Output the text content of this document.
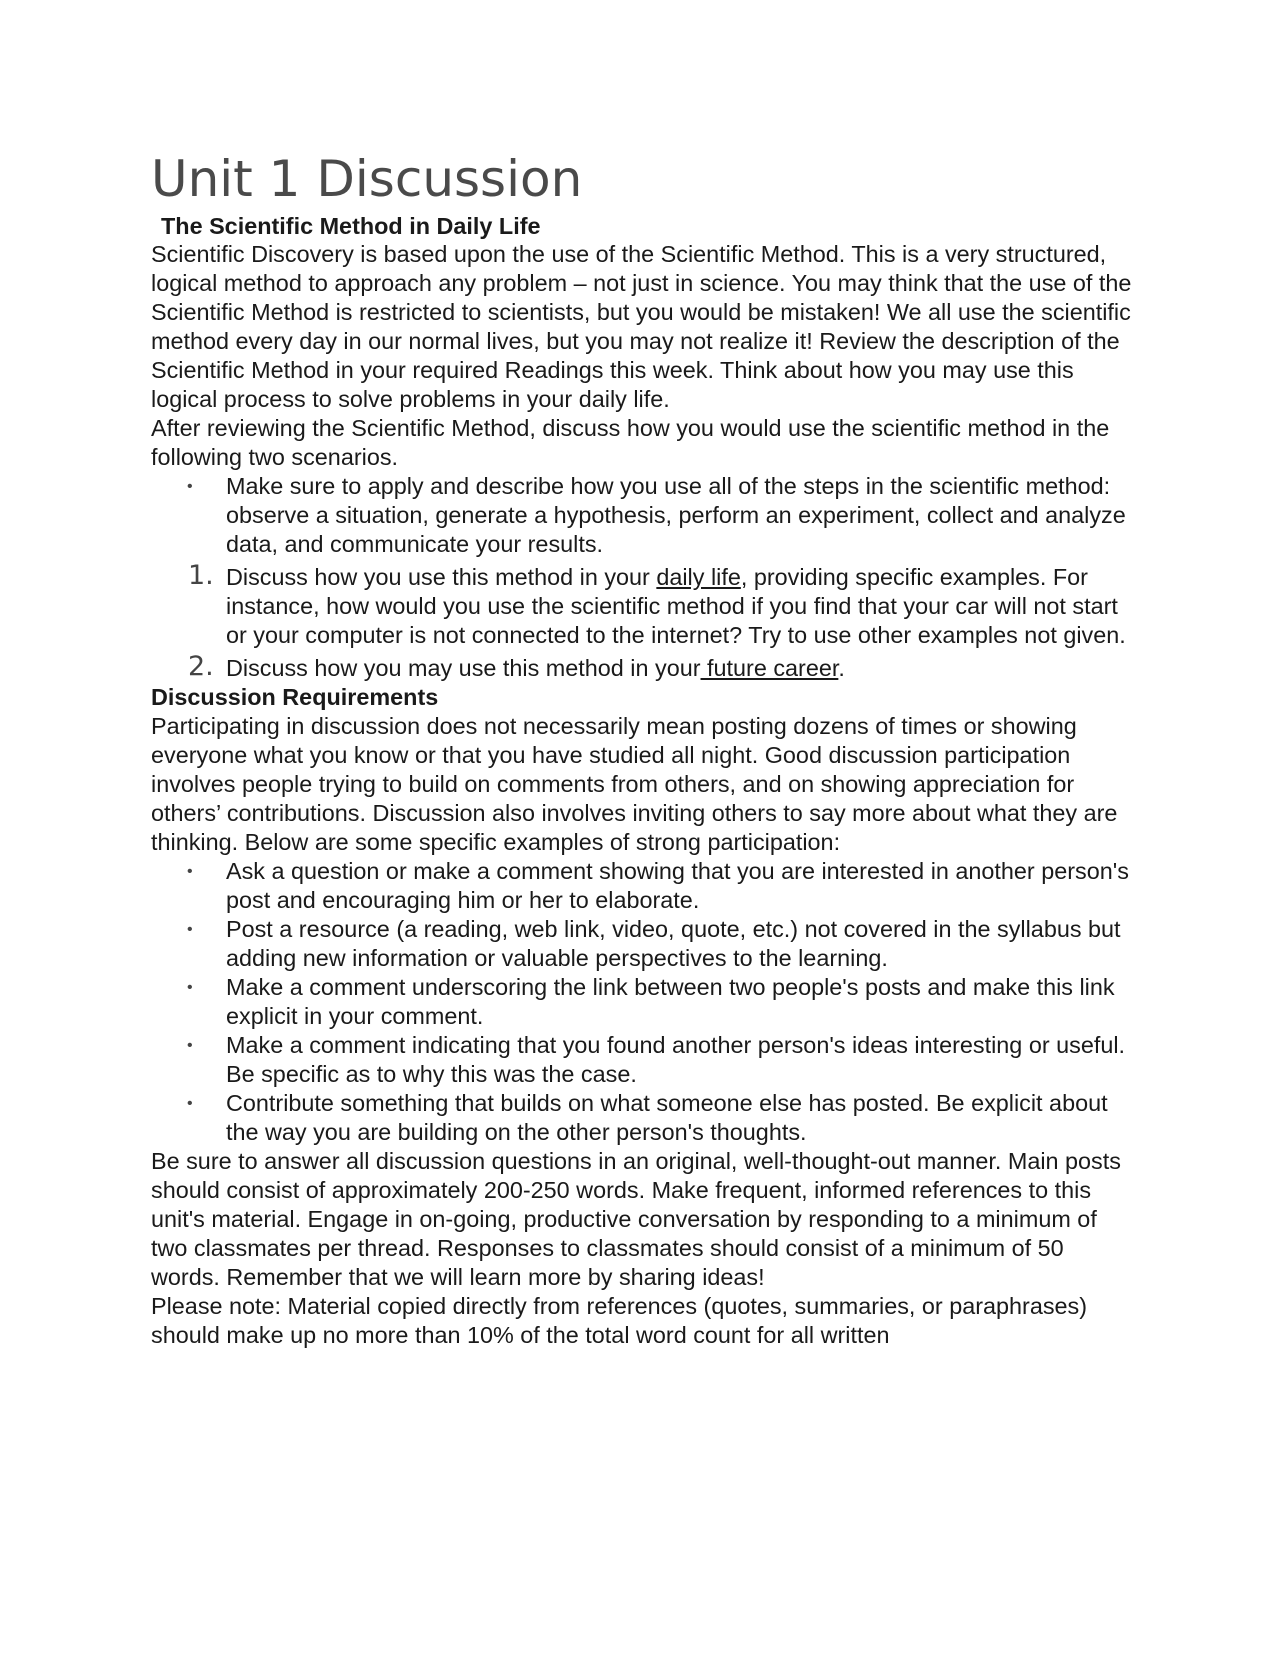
Unit 1 Discussion
The Scientific Method in Daily Life

Scientific Discovery is based upon the use of the Scientific Method. This is a very structured, logical method to approach any problem – not just in science. You may think that the use of the Scientific Method is restricted to scientists, but you would be mistaken! We all use the scientific method every day in our normal lives, but you may not realize it! Review the description of the Scientific Method in your required Readings this week. Think about how you may use this logical process to solve problems in your daily life.

After reviewing the Scientific Method, discuss how you would use the scientific method in the following two scenarios.

• Make sure to apply and describe how you use all of the steps in the scientific method: observe a situation, generate a hypothesis, perform an experiment, collect and analyze data, and communicate your results.
1. Discuss how you use this method in your daily life, providing specific examples. For instance, how would you use the scientific method if you find that your car will not start or your computer is not connected to the internet? Try to use other examples not given.
2. Discuss how you may use this method in your future career.
Discussion Requirements

Participating in discussion does not necessarily mean posting dozens of times or showing everyone what you know or that you have studied all night. Good discussion participation involves people trying to build on comments from others, and on showing appreciation for others’ contributions. Discussion also involves inviting others to say more about what they are thinking. Below are some specific examples of strong participation:

• Ask a question or make a comment showing that you are interested in another person's post and encouraging him or her to elaborate.
• Post a resource (a reading, web link, video, quote, etc.) not covered in the syllabus but adding new information or valuable perspectives to the learning.
• Make a comment underscoring the link between two people's posts and make this link explicit in your comment.
• Make a comment indicating that you found another person's ideas interesting or useful. Be specific as to why this was the case.
• Contribute something that builds on what someone else has posted. Be explicit about the way you are building on the other person's thoughts.

Be sure to answer all discussion questions in an original, well-thought-out manner. Main posts should consist of approximately 200-250 words. Make frequent, informed references to this unit's material. Engage in on-going, productive conversation by responding to a minimum of two classmates per thread. Responses to classmates should consist of a minimum of 50 words. Remember that we will learn more by sharing ideas!

Please note: Material copied directly from references (quotes, summaries, or paraphrases) should make up no more than 10% of the total word count for all written
